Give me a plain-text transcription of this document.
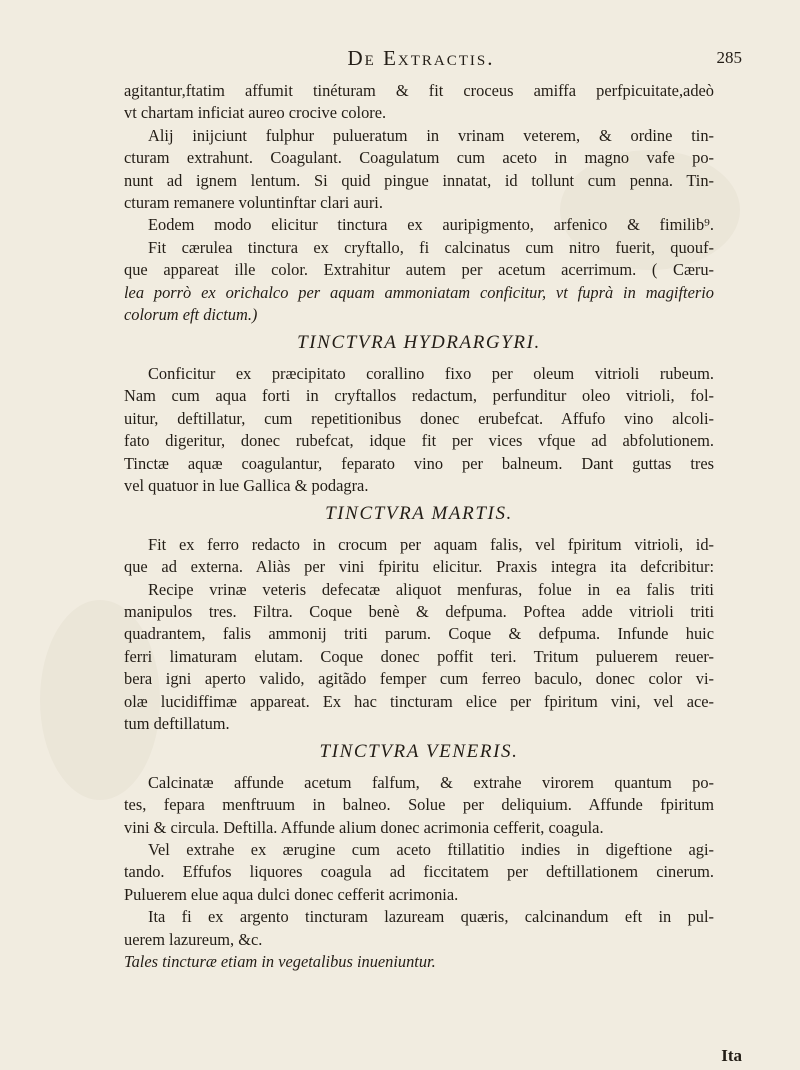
De Extractis.	285
agitantur,ftatim affumit tinéturam & fit croceus amiffa perfpicuitate,adeò
vt chartam inficiat aureo crocive colore.
Alij inijciunt fulphur puluеratum in vrinam veterem, & ordine tin-
cturam extrahunt. Coagulant. Coagulatum cum aceto in magno vafe po-
nunt ad ignem lentum. Si quid pingue innatat, id tollunt cum penna. Tin-
cturam remanere voluntinftar clari auri.
Eodem modo elicitur tinctura ex auripigmento, arfenico & fimilib⁹.
Fit cærulea tinctura ex cryftallo, fi calcinatus cum nitro fuerit, quouf-
que appareat ille color. Extrahitur autem per acetum acerrimum. ( Cæru-
lea porrò ex orichalco per aquam ammoniatam conficitur, vt fuprà in magifterio
colorum eft dictum.)
TINCTVRA HYDRARGYRI.
Conficitur ex præcipitato corallino fixo per oleum vitrioli rubeum.
Nam cum aqua forti in cryftallos redactum, perfunditur oleo vitrioli, fol-
uitur, deftillatur, cum repetitionibus donec erubefcat. Affufo vino alcoli-
fato digeritur, donec rubefcat, idque fit per vices vfque ad abfolutionem.
Tinctæ aquæ coagulantur, feparato vino per balneum. Dant guttas tres
vel quatuor in lue Gallica & podagra.
TINCTVRA MARTIS.
Fit ex ferro redacto in crocum per aquam falis, vel fpiritum vitrioli, id-
que ad externa. Aliàs per vini fpiritu elicitur. Praxis integra ita defcribitur:
Recipe vrinæ veteris defecatæ aliquot menfuras, folue in ea falis triti
manipulos tres. Filtra. Coque benè & defpuma. Poftea adde vitrioli triti
quadrantem, falis ammonij triti parum. Coque & defpuma. Infunde huic
ferri limaturam elutam. Coque donec poffit teri. Tritum puluerem reuer-
bera igni aperto valido, agitãdo femper cum ferreo baculo, donec color vi-
olæ lucidiffimæ appareat. Ex hac tincturam elice per fpiritum vini, vel ace-
tum deftillatum.
TINCTVRA VENERIS.
Calcinatæ affunde acetum falfum, & extrahe virorem quantum po-
tes, fepara menftruum in balneo. Solue per deliquium. Affunde fpiritum
vini & circula. Deftilla. Affunde alium donec acrimonia cefferit, coagula.
Vel extrahe ex ærugine cum aceto ftillatitio indies in digeftione agi-
tando. Effufos liquores coagula ad ficcitatem per deftillationem cinerum.
Puluerem elue aqua dulci donec cefferit acrimonia.
Ita fi ex argento tincturam lazuream quæris, calcinandum eft in pul-
uerem lazureum, &c.
Tales tincturæ etiam in vegetalibus inueniuntur.
Ita
